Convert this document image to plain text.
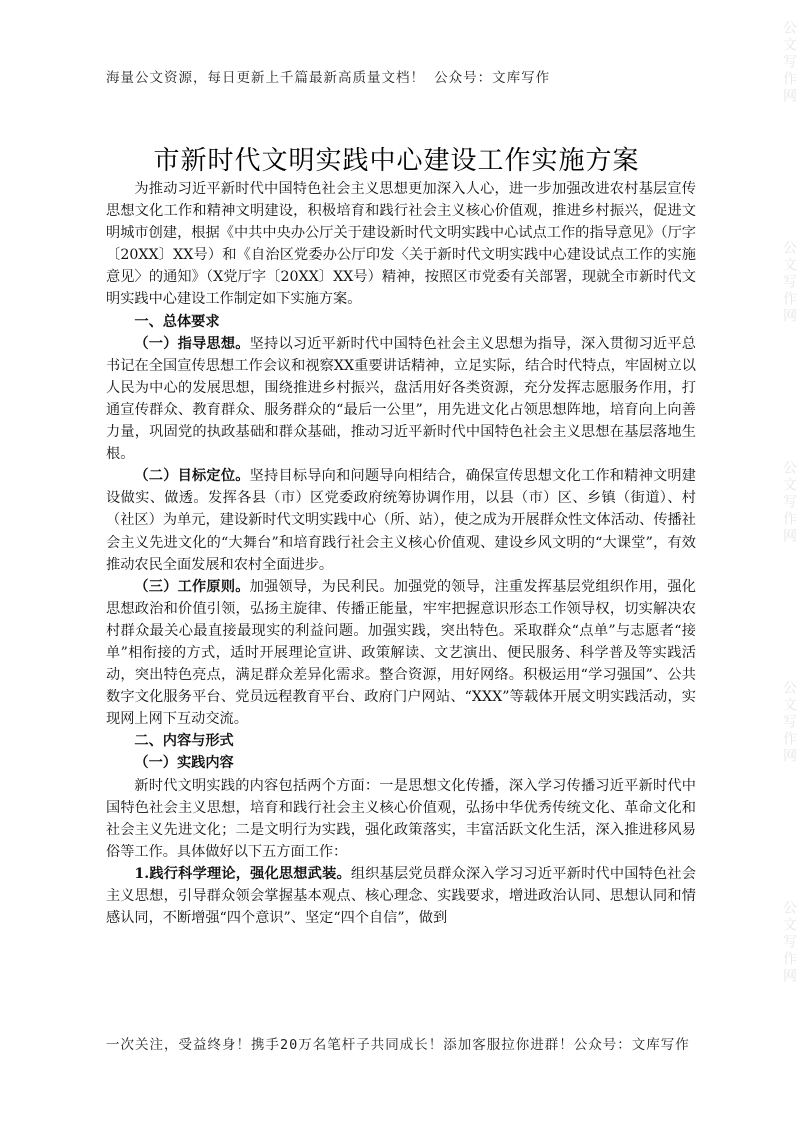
海量公文资源，每日更新上千篇最新高质量文档！ 公众号：文库写作
市新时代文明实践中心建设工作实施方案

为推动习近平新时代中国特色社会主义思想更加深入人心，进一步加强改进农村基层宣传思想文化工作和精神文明建设，积极培育和践行社会主义核心价值观，推进乡村振兴，促进文明城市创建，根据《中共中央办公厅关于建设新时代文明实践中心试点工作的指导意见》（厅字〔20XX〕XX号）和《自治区党委办公厅印发〈关于新时代文明实践中心建设试点工作的实施意见〉的通知》（X党厅字〔20XX〕XX号）精神，按照区市党委有关部署，现就全市新时代文明实践中心建设工作制定如下实施方案。

一、总体要求

（一）指导思想。坚持以习近平新时代中国特色社会主义思想为指导，深入贯彻习近平总书记在全国宣传思想工作会议和视察XX重要讲话精神，立足实际，结合时代特点，牢固树立以人民为中心的发展思想，围绕推进乡村振兴，盘活用好各类资源，充分发挥志愿服务作用，打通宣传群众、教育群众、服务群众的“最后一公里”，用先进文化占领思想阵地，培育向上向善力量，巩固党的执政基础和群众基础，推动习近平新时代中国特色社会主义思想在基层落地生根。

（二）目标定位。坚持目标导向和问题导向相结合，确保宣传思想文化工作和精神文明建设做实、做透。发挥各县（市）区党委政府统筹协调作用，以县（市）区、乡镇（街道）、村（社区）为单元，建设新时代文明实践中心（所、站），使之成为开展群众性文体活动、传播社会主义先进文化的“大舞台”和培育践行社会主义核心价值观、建设乡风文明的“大课堂”，有效推动农民全面发展和农村全面进步。

（三）工作原则。加强领导，为民利民。加强党的领导，注重发挥基层党组织作用，强化思想政治和价值引领，弘扬主旋律、传播正能量，牢牢把握意识形态工作领导权，切实解决农村群众最关心最直接最现实的利益问题。加强实践，突出特色。采取群众“点单”与志愿者“接单”相衔接的方式，适时开展理论宣讲、政策解读、文艺演出、便民服务、科学普及等实践活动，突出特色亮点，满足群众差异化需求。整合资源，用好网络。积极运用“学习强国”、公共数字文化服务平台、党员远程教育平台、政府门户网站、“XXX”等载体开展文明实践活动，实现网上网下互动交流。

二、内容与形式

（一）实践内容

新时代文明实践的内容包括两个方面：一是思想文化传播，深入学习传播习近平新时代中国特色社会主义思想，培育和践行社会主义核心价值观，弘扬中华优秀传统文化、革命文化和社会主义先进文化；二是文明行为实践，强化政策落实，丰富活跃文化生活，深入推进移风易俗等工作。具体做好以下五方面工作：

1.践行科学理论，强化思想武装。组织基层党员群众深入学习习近平新时代中国特色社会主义思想，引导群众领会掌握基本观点、核心理念、实践要求，增进政治认同、思想认同和情感认同，不断增强“四个意识”、坚定“四个自信”，做到

一次关注，受益终身！携手20万名笔杆子共同成长！添加客服拉你进群！公众号：文库写作
公文写作网
公文写作网
公文写作网
公文写作网
公文写作网
